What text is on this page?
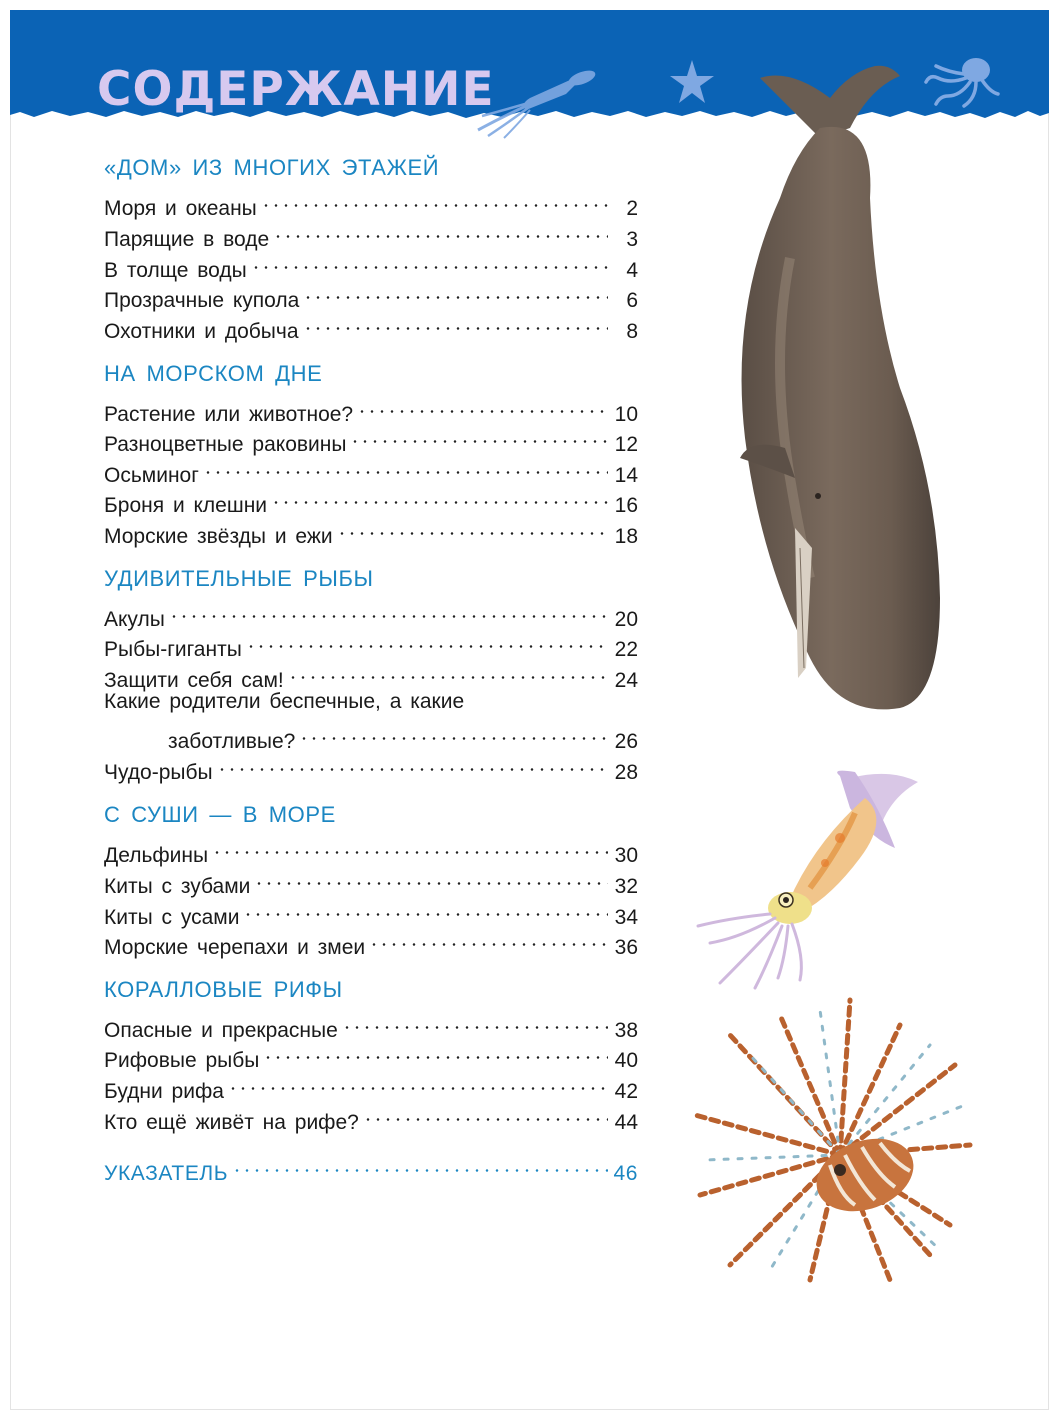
СОДЕРЖАНИЕ
«ДОМ» ИЗ МНОГИХ ЭТАЖЕЙ
Моря и океаны	2
Парящие в воде	3
В толще воды	4
Прозрачные купола	6
Охотники и добыча	8
НА МОРСКОМ ДНЕ
Растение или животное?	10
Разноцветные раковины	12
Осьминог	14
Броня и клешни	16
Морские звёзды и ежи	18
УДИВИТЕЛЬНЫЕ РЫБЫ
Акулы	20
Рыбы-гиганты	22
Защити себя сам!	24
Какие родители беспечные, а какие
заботливые?	26
Чудо-рыбы	28
С СУШИ — В МОРЕ
Дельфины	30
Киты с зубами	32
Киты с усами	34
Морские черепахи и змеи	36
КОРАЛЛОВЫЕ РИФЫ
Опасные и прекрасные	38
Рифовые рыбы	40
Будни рифа	42
Кто ещё живёт на рифе?	44
УКАЗАТЕЛЬ	46
